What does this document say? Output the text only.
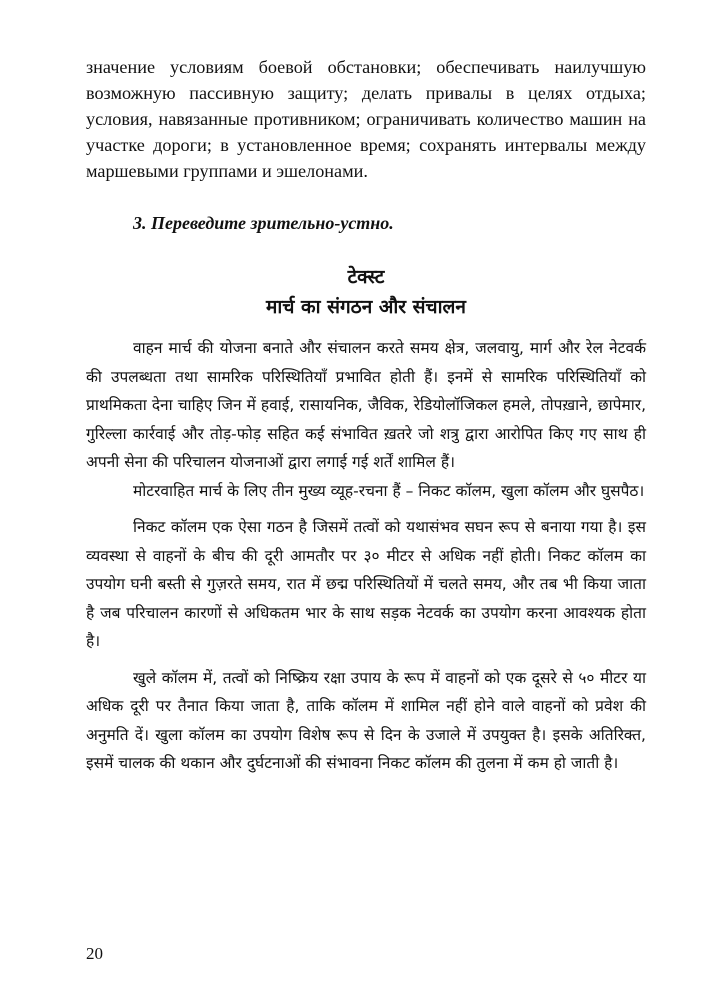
значение условиям боевой обстановки; обеспечивать наилучшую возможную пассивную защиту; делать привалы в целях отдыха; условия, навязанные противником; ограничивать количество машин на участке дороги; в установленное время; сохранять интервалы между маршевыми группами и эшелонами.

3. Переведите зрительно-устно.
टेक्स्ट
मार्च का संगठन और संचालन

वाहन मार्च की योजना बनाते और संचालन करते समय क्षेत्र, जलवायु, मार्ग और रेल नेटवर्क की उपलब्धता तथा सामरिक परिस्थितियाँ प्रभावित होती हैं। इनमें से सामरिक परिस्थितियाँ को प्राथमिकता देना चाहिए जिन में हवाई, रासायनिक, जैविक, रेडियोलॉजिकल हमले, तोपख़ाने, छापेमार, गुरिल्ला कार्रवाई और तोड़-फोड़ सहित कई संभावित ख़तरे जो शत्रु द्वारा आरोपित किए गए साथ ही अपनी सेना की परिचालन योजनाओं द्वारा लगाई गई शर्तें शामिल हैं।

मोटरवाहित मार्च के लिए तीन मुख्य व्यूह-रचना हैं – निकट कॉलम, खुला कॉलम और घुसपैठ।

निकट कॉलम एक ऐसा गठन है जिसमें तत्वों को यथासंभव सघन रूप से बनाया गया है। इस व्यवस्था से वाहनों के बीच की दूरी आमतौर पर ३० मीटर से अधिक नहीं होती। निकट कॉलम का उपयोग घनी बस्ती से गुज़रते समय, रात में छद्म परिस्थितियों में चलते समय, और तब भी किया जाता है जब परिचालन कारणों से अधिकतम भार के साथ सड़क नेटवर्क का उपयोग करना आवश्यक होता है।

खुले कॉलम में, तत्वों को निष्क्रिय रक्षा उपाय के रूप में वाहनों को एक दूसरे से ५० मीटर या अधिक दूरी पर तैनात किया जाता है, ताकि कॉलम में शामिल नहीं होने वाले वाहनों को प्रवेश की अनुमति दें। खुला कॉलम का उपयोग विशेष रूप से दिन के उजाले में उपयुक्त है। इसके अतिरिक्त, इसमें चालक की थकान और दुर्घटनाओं की संभावना निकट कॉलम की तुलना में कम हो जाती है।

20
